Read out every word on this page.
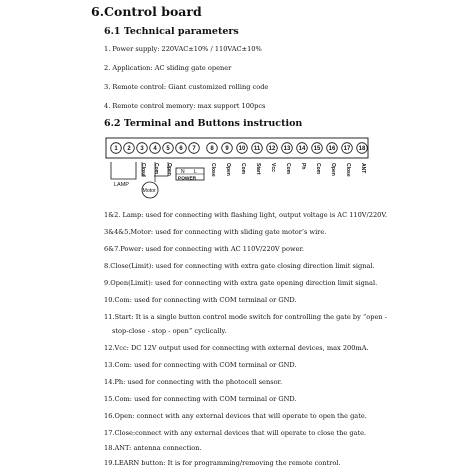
6.Control board
6.1 Technical parameters
1. Power supply: 220VAC±10% / 110VAC±10%
2. Application: AC sliding gate opener
3. Remote control: Giant customized rolling code
4. Remote control memory: max support 100pcs
6.2 Terminal and Buttons instruction
1 2 3 4 5 6 7 8 9 10 11 12 13 14 15 16 17 18
LAMP
Motor
N L
POWER
Close Com Open	Close Open Com Start Vcc Com Ph Com Open Close ANT
1&2. Lamp: used for connecting with flashing light, output voltage is AC 110V/220V.
3&4&5.Motor: used for connecting with sliding gate motor’s wire.
6&7.Power: used for connecting with AC 110V/220V power.
8.Close(Limit): used for connecting with extra gate closing direction limit signal.
9.Open(Limit): used for connecting with extra gate opening direction limit signal.
10.Com: used for connecting with COM terminal or GND.
11.Start: It is a single button control mode switch for controlling the gate by “open -
stop-close - stop - open” cyclically.
12.Vcc: DC 12V output used for connecting with external devices, max 200mA.
13.Com: used for connecting with COM terminal or GND.
14.Ph: used for connecting with the photocell sensor.
15.Com: used for connecting with COM terminal or GND.
16.Open: connect with any external devices that will operate to open the gate.
17.Close:connect with any external devices that will operate to close the gate.
18.ANT: antenna connection.
19.LEARN button: It is for programming/removing the remote control.
